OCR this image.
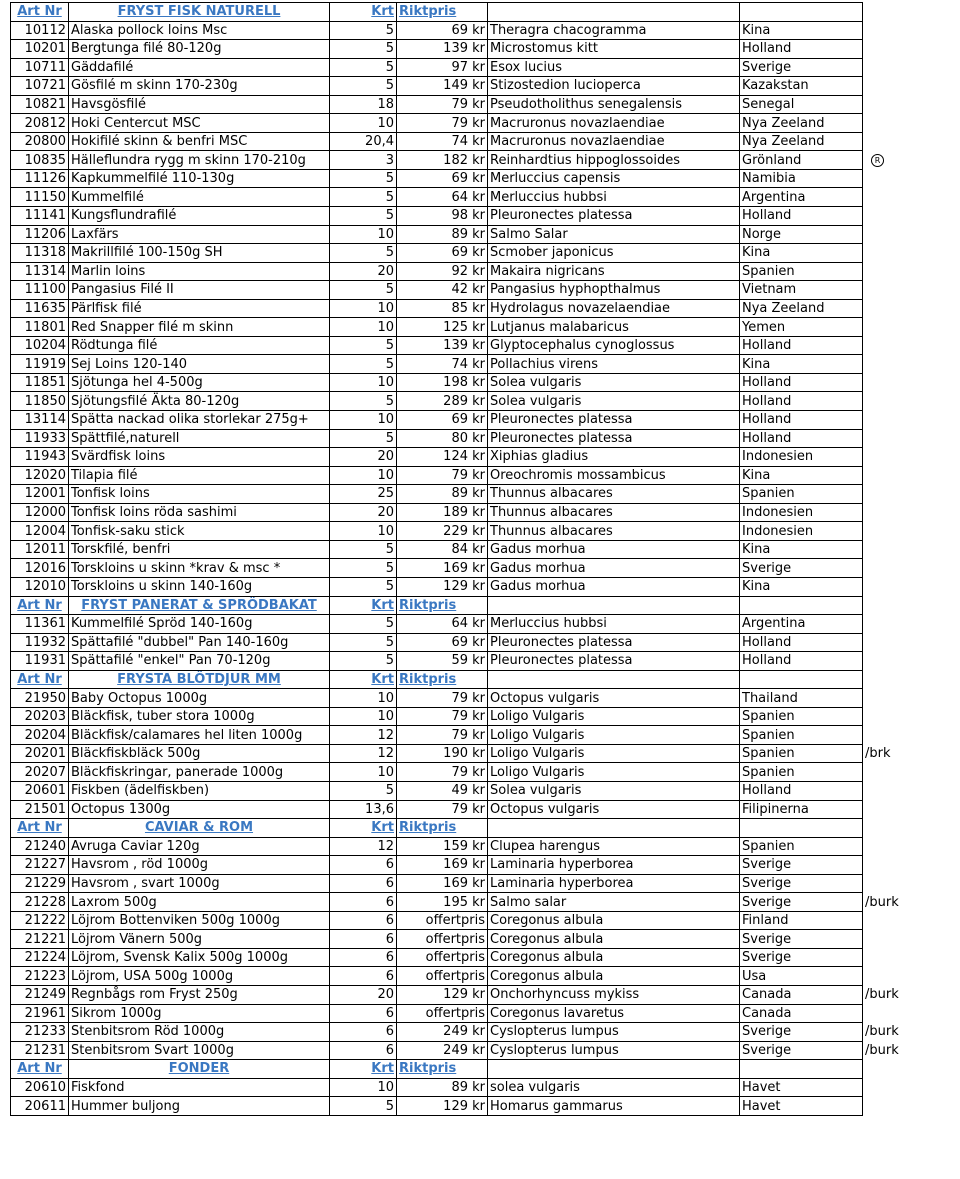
Art Nr	FRYST FISK NATURELL	Krt	Riktpris			
10112	Alaska pollock loins Msc	5	69 kr	Theragra chacogramma	Kina	
10201	Bergtunga filé 80-120g	5	139 kr	Microstomus kitt	Holland	
10711	Gäddafilé	5	97 kr	Esox lucius	Sverige	
10721	Gösfilé m skinn 170-230g	5	149 kr	Stizostedion lucioperca	Kazakstan	
10821	Havsgösfilé	18	79 kr	Pseudotholithus senegalensis	Senegal	
20812	Hoki Centercut MSC	10	79 kr	Macruronus novazlaendiae	Nya Zeeland	
20800	Hokifilé skinn & benfri MSC	20,4	74 kr	Macruronus novazlaendiae	Nya Zeeland	
10835	Hälleflundra rygg m skinn 170-210g	3	182 kr	Reinhardtius hippoglossoides	Grönland	R
11126	Kapkummelfilé 110-130g	5	69 kr	Merluccius capensis	Namibia	
11150	Kummelfilé	5	64 kr	Merluccius hubbsi	Argentina	
11141	Kungsflundrafilé	5	98 kr	Pleuronectes platessa	Holland	
11206	Laxfärs	10	89 kr	Salmo Salar	Norge	
11318	Makrillfilé 100-150g SH	5	69 kr	Scmober japonicus	Kina	
11314	Marlin loins	20	92 kr	Makaira nigricans	Spanien	
11100	Pangasius Filé II	5	42 kr	Pangasius hyphopthalmus	Vietnam	
11635	Pärlfisk filé	10	85 kr	Hydrolagus novazelaendiae	Nya Zeeland	
11801	Red Snapper filé m skinn	10	125 kr	Lutjanus malabaricus	Yemen	
10204	Rödtunga filé	5	139 kr	Glyptocephalus cynoglossus	Holland	
11919	Sej Loins 120-140	5	74 kr	Pollachius virens	Kina	
11851	Sjötunga hel 4-500g	10	198 kr	Solea vulgaris	Holland	
11850	Sjötungsfilé Äkta 80-120g	5	289 kr	Solea vulgaris	Holland	
13114	Spätta nackad olika storlekar 275g+	10	69 kr	Pleuronectes platessa	Holland	
11933	Spättfilé,naturell	5	80 kr	Pleuronectes platessa	Holland	
11943	Svärdfisk loins	20	124 kr	Xiphias gladius	Indonesien	
12020	Tilapia filé	10	79 kr	Oreochromis mossambicus	Kina	
12001	Tonfisk loins	25	89 kr	Thunnus albacares	Spanien	
12000	Tonfisk loins röda sashimi	20	189 kr	Thunnus albacares	Indonesien	
12004	Tonfisk-saku stick	10	229 kr	Thunnus albacares	Indonesien	
12011	Torskfilé, benfri	5	84 kr	Gadus morhua	Kina	
12016	Torskloins u skinn *krav & msc *	5	169 kr	Gadus morhua	Sverige	
12010	Torskloins u skinn 140-160g	5	129 kr	Gadus morhua	Kina	
Art Nr	FRYST PANERAT & SPRÖDBAKAT	Krt	Riktpris			
11361	Kummelfilé Spröd 140-160g	5	64 kr	Merluccius hubbsi	Argentina	
11932	Spättafilé "dubbel" Pan 140-160g	5	69 kr	Pleuronectes platessa	Holland	
11931	Spättafilé "enkel" Pan 70-120g	5	59 kr	Pleuronectes platessa	Holland	
Art Nr	FRYSTA BLÖTDJUR MM	Krt	Riktpris			
21950	Baby Octopus 1000g	10	79 kr	Octopus vulgaris	Thailand	
20203	Bläckfisk, tuber stora 1000g	10	79 kr	Loligo Vulgaris	Spanien	
20204	Bläckfisk/calamares hel liten 1000g	12	79 kr	Loligo Vulgaris	Spanien	
20201	Bläckfiskbläck 500g	12	190 kr	Loligo Vulgaris	Spanien	/brk
20207	Bläckfiskringar, panerade 1000g	10	79 kr	Loligo Vulgaris	Spanien	
20601	Fiskben (ädelfiskben)	5	49 kr	Solea vulgaris	Holland	
21501	Octopus 1300g	13,6	79 kr	Octopus vulgaris	Filipinerna	
Art Nr	CAVIAR & ROM	Krt	Riktpris			
21240	Avruga Caviar 120g	12	159 kr	Clupea harengus	Spanien	
21227	Havsrom , röd 1000g	6	169 kr	Laminaria hyperborea	Sverige	
21229	Havsrom , svart 1000g	6	169 kr	Laminaria hyperborea	Sverige	
21228	Laxrom 500g	6	195 kr	Salmo salar	Sverige	/burk
21222	Löjrom Bottenviken 500g 1000g	6	offertpris	Coregonus albula	Finland	
21221	Löjrom Vänern 500g	6	offertpris	Coregonus albula	Sverige	
21224	Löjrom, Svensk Kalix 500g 1000g	6	offertpris	Coregonus albula	Sverige	
21223	Löjrom, USA 500g 1000g	6	offertpris	Coregonus albula	Usa	
21249	Regnbågs rom Fryst 250g	20	129 kr	Onchorhyncuss mykiss	Canada	/burk
21961	Sikrom 1000g	6	offertpris	Coregonus lavaretus	Canada	
21233	Stenbitsrom Röd 1000g	6	249 kr	Cyslopterus lumpus	Sverige	/burk
21231	Stenbitsrom Svart 1000g	6	249 kr	Cyslopterus lumpus	Sverige	/burk
Art Nr	FONDER	Krt	Riktpris			
20610	Fiskfond	10	89 kr	solea vulgaris	Havet	
20611	Hummer buljong	5	129 kr	Homarus gammarus	Havet	
